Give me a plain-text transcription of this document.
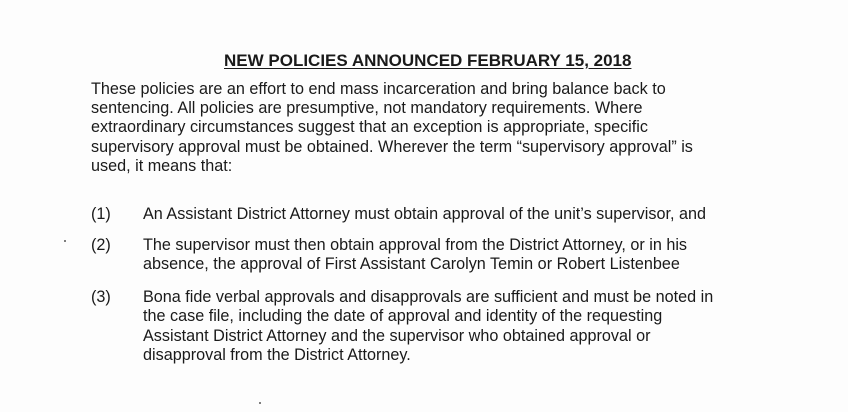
NEW POLICIES ANNOUNCED FEBRUARY 15, 2018
These policies are an effort to end mass incarceration and bring balance back to
sentencing. All policies are presumptive, not mandatory requirements. Where
extraordinary circumstances suggest that an exception is appropriate, specific
supervisory approval must be obtained. Wherever the term “supervisory approval” is
used, it means that:
(1) An Assistant District Attorney must obtain approval of the unit’s supervisor, and
(2) The supervisor must then obtain approval from the District Attorney, or in his
absence, the approval of First Assistant Carolyn Temin or Robert Listenbee
(3) Bona fide verbal approvals and disapprovals are sufficient and must be noted in
the case file, including the date of approval and identity of the requesting
Assistant District Attorney and the supervisor who obtained approval or
disapproval from the District Attorney.
